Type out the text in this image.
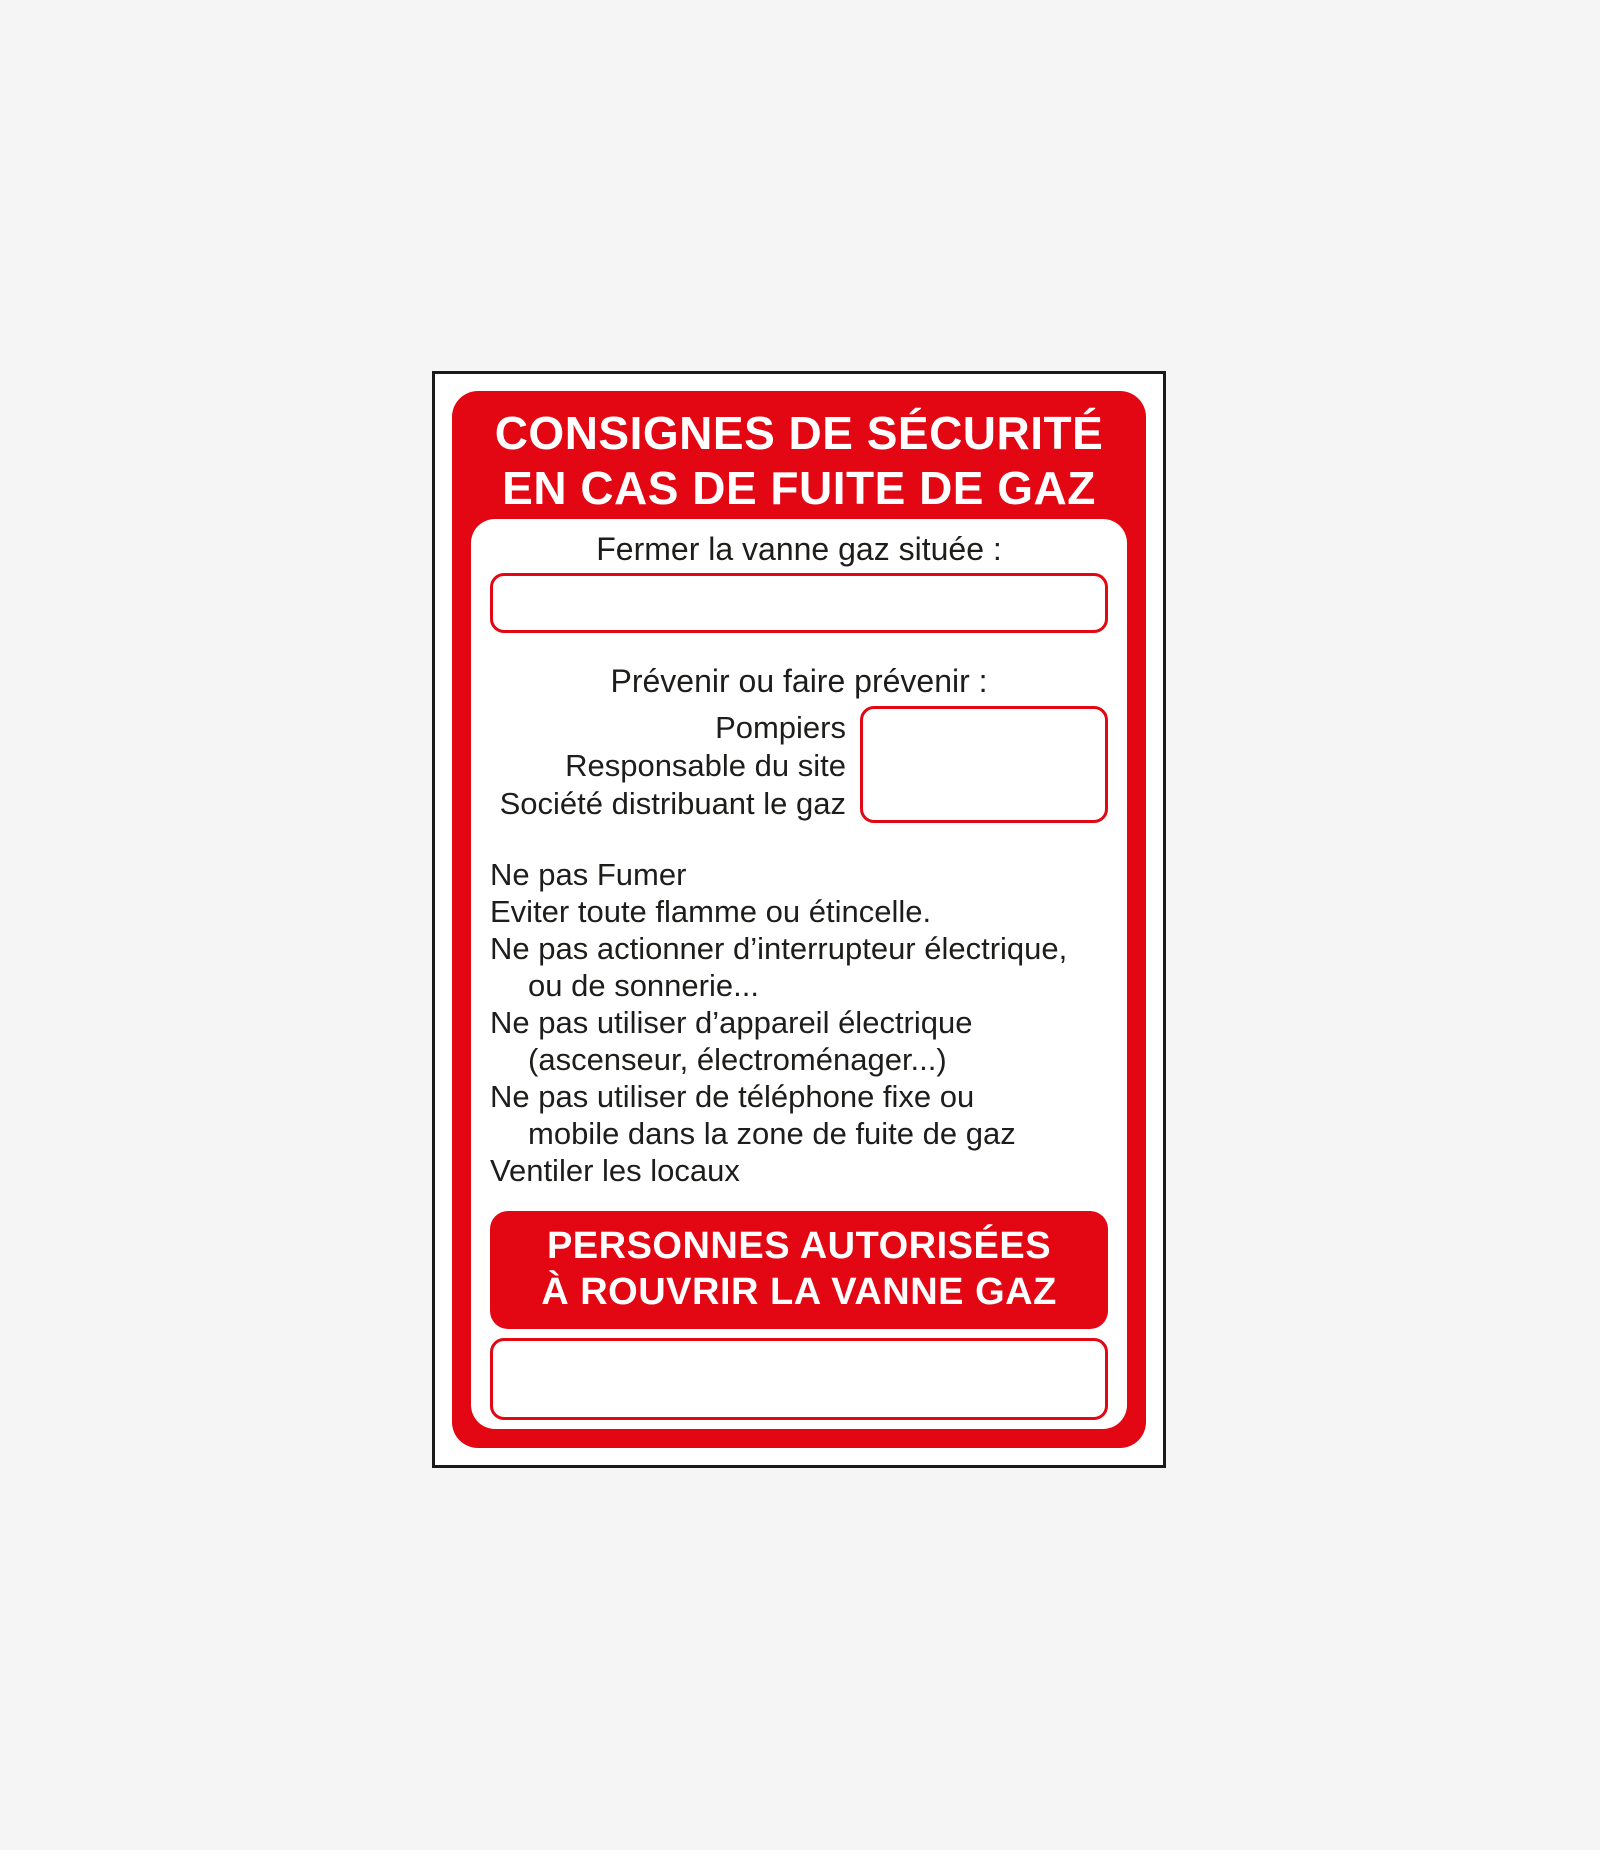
CONSIGNES DE SÉCURITÉ
EN CAS DE FUITE DE GAZ
Fermer la vanne gaz située :
Prévenir ou faire prévenir :
Pompiers
Responsable du site
Société distribuant le gaz
Ne pas Fumer
Eviter toute flamme ou étincelle.
Ne pas actionner d’interrupteur électrique,
ou de sonnerie...
Ne pas utiliser d’appareil électrique
(ascenseur, électroménager...)
Ne pas utiliser de téléphone fixe ou
mobile dans la zone de fuite de gaz
Ventiler les locaux
PERSONNES AUTORISÉES
À ROUVRIR LA VANNE GAZ
